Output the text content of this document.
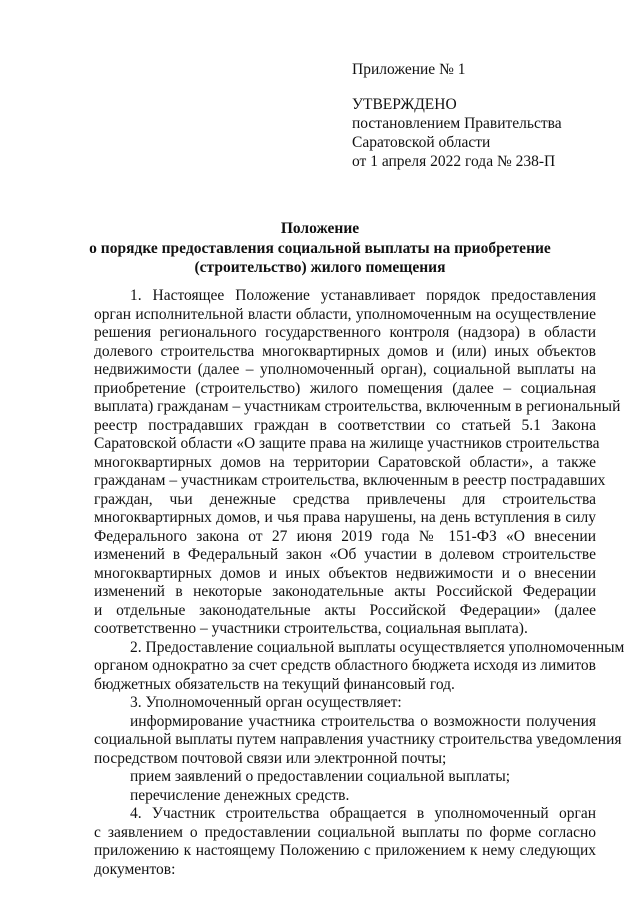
Приложение № 1
УТВЕРЖДЕНО
постановлением Правительства
Саратовской области
от 1 апреля 2022 года № 238-П
Положение
о порядке предоставления социальной выплаты на приобретение
(строительство) жилого помещения
1. Настоящее Положение устанавливает порядок предоставления
орган исполнительной власти области, уполномоченным на осуществление
решения регионального государственного контроля (надзора) в области
долевого строительства многоквартирных домов и (или) иных объектов
недвижимости (далее – уполномоченный орган), социальной выплаты на
приобретение (строительство) жилого помещения (далее – социальная
выплата) гражданам – участникам строительства, включенным в региональный
реестр пострадавших граждан в соответствии со статьей 5.1 Закона
Саратовской области «О защите права на жилище участников строительства
многоквартирных домов на территории Саратовской области», а также
гражданам – участникам строительства, включенным в реестр пострадавших
граждан, чьи денежные средства привлечены для строительства
многоквартирных домов, и чья права нарушены, на день вступления в силу
Федерального закона от 27 июня 2019 года № 151-ФЗ «О внесении
изменений в Федеральный закон «Об участии в долевом строительстве
многоквартирных домов и иных объектов недвижимости и о внесении
изменений в некоторые законодательные акты Российской Федерации
и отдельные законодательные акты Российской Федерации» (далее
соответственно – участники строительства, социальная выплата).
2. Предоставление социальной выплаты осуществляется уполномоченным
органом однократно за счет средств областного бюджета исходя из лимитов
бюджетных обязательств на текущий финансовый год.
3. Уполномоченный орган осуществляет:
информирование участника строительства о возможности получения
социальной выплаты путем направления участнику строительства уведомления
посредством почтовой связи или электронной почты;
прием заявлений о предоставлении социальной выплаты;
перечисление денежных средств.
4. Участник строительства обращается в уполномоченный орган
с заявлением о предоставлении социальной выплаты по форме согласно
приложению к настоящему Положению с приложением к нему следующих
документов:
